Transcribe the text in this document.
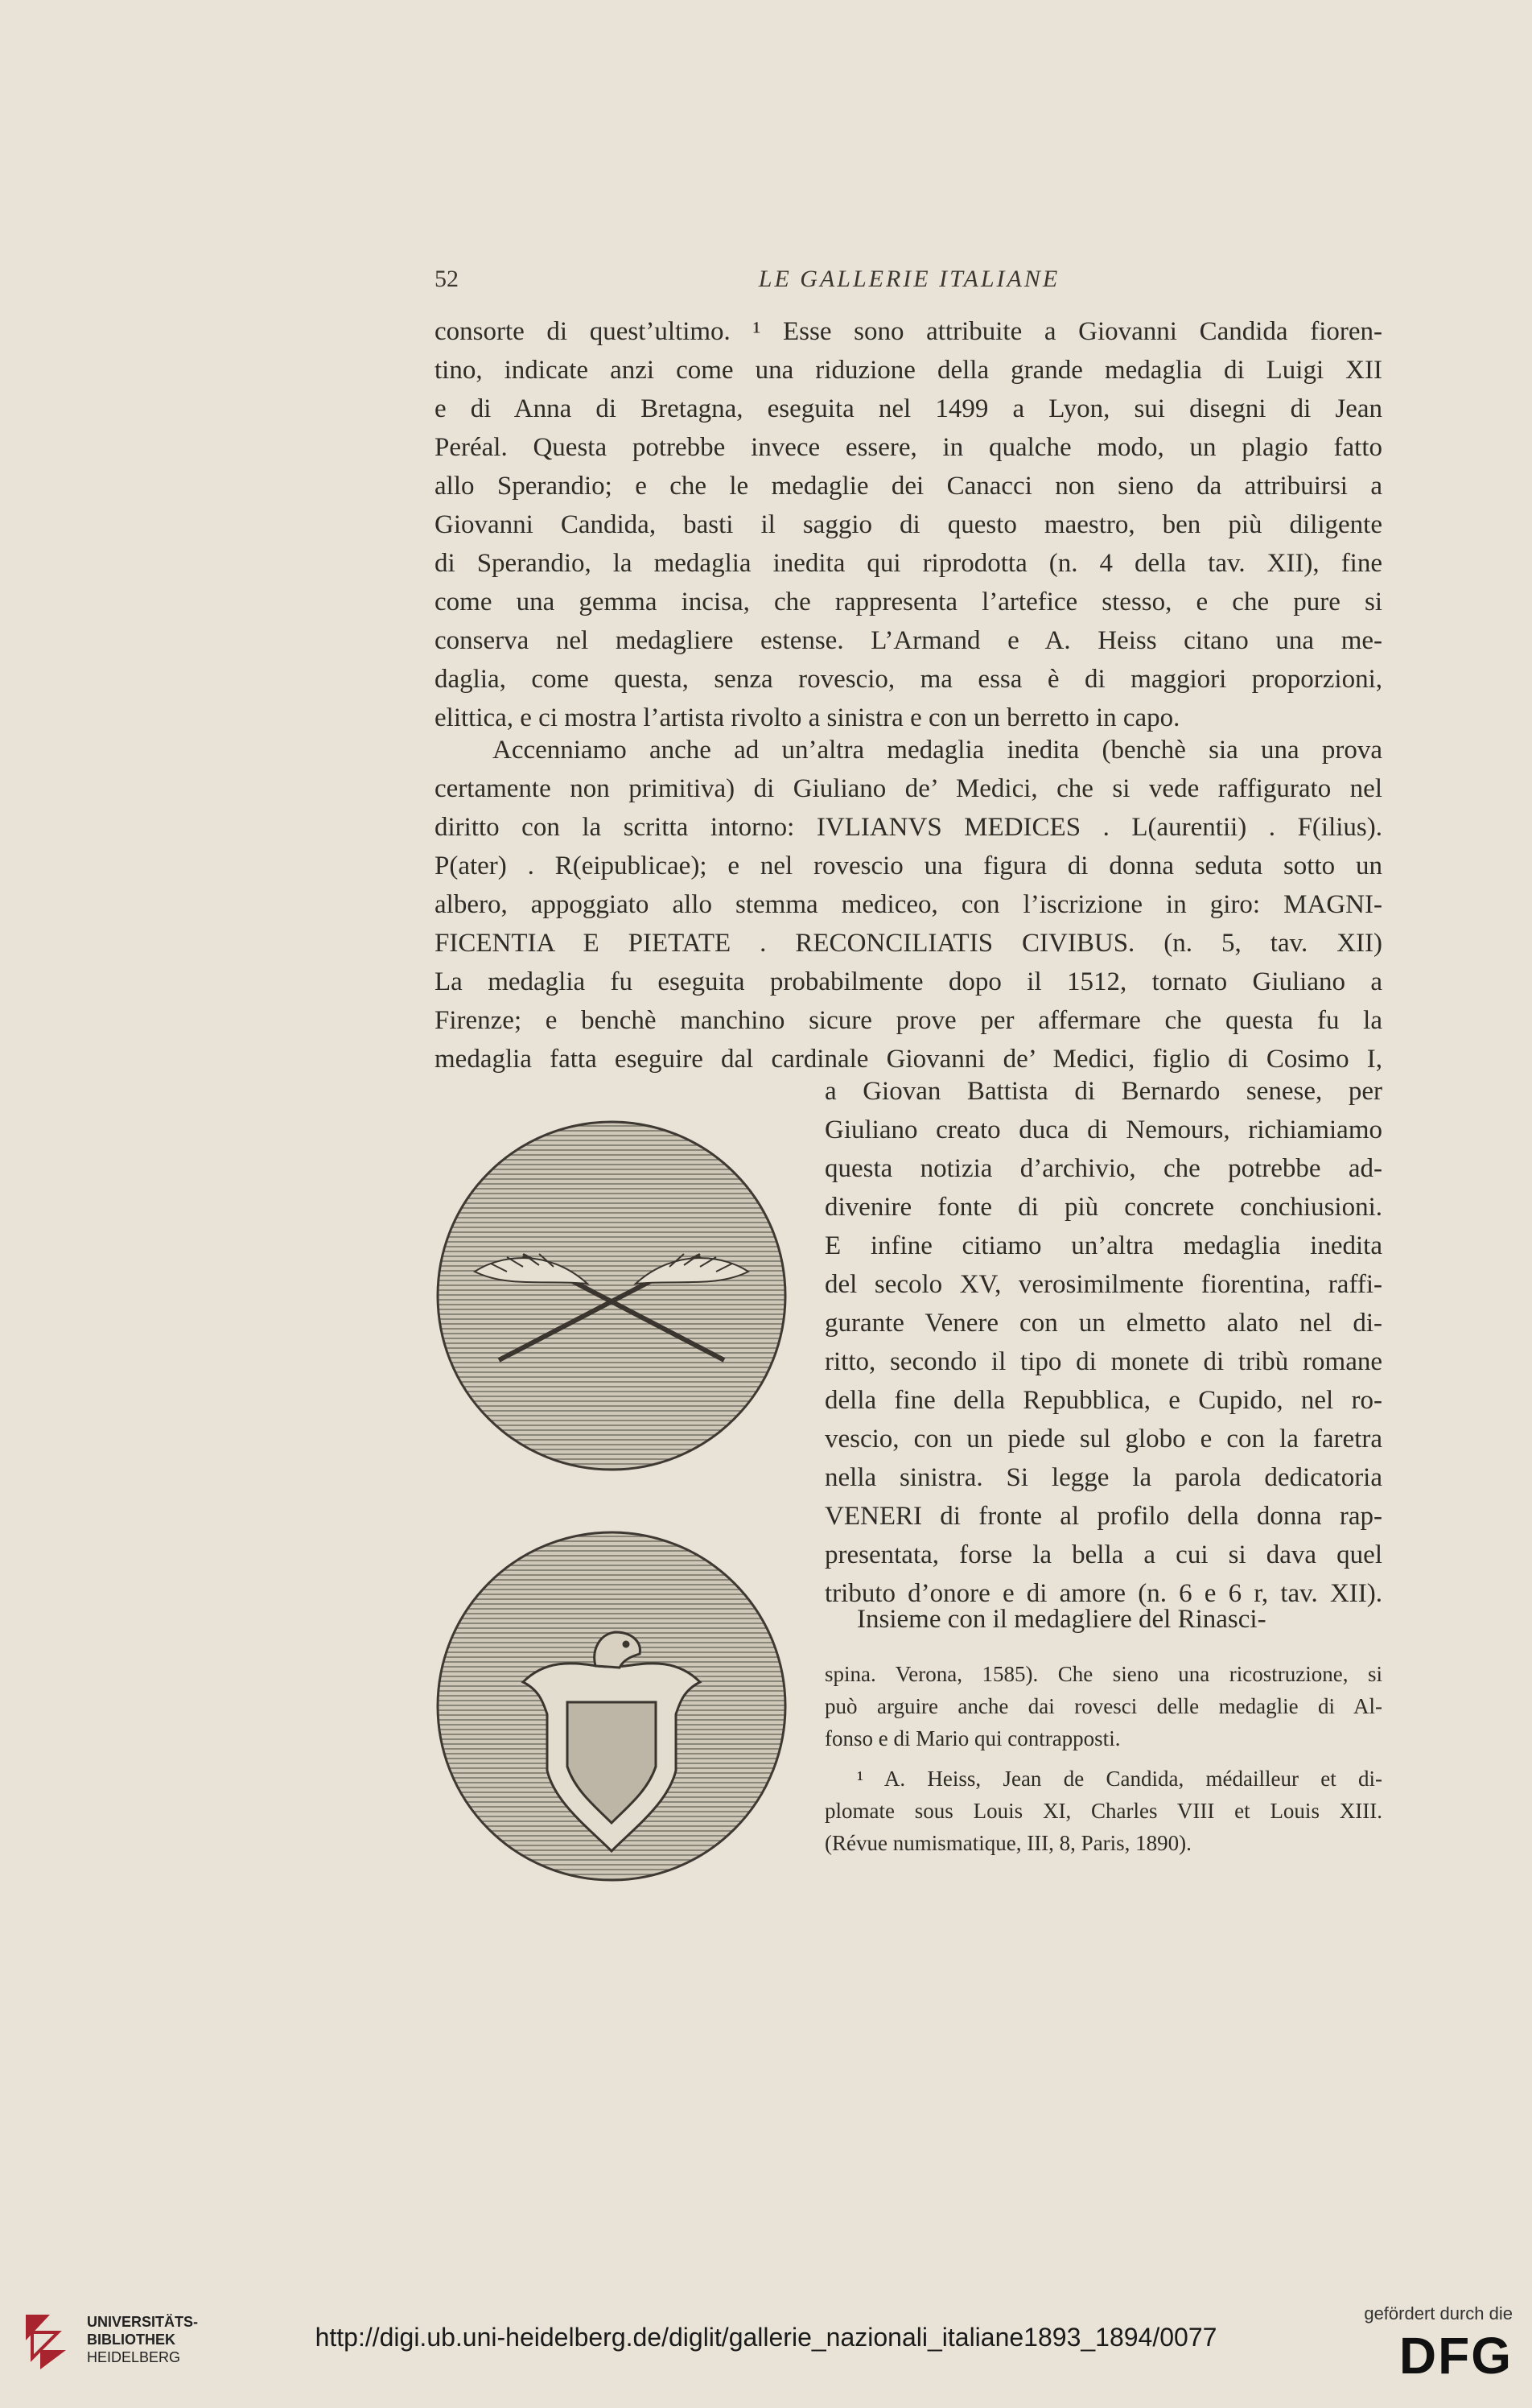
52	LE GALLERIE ITALIANE
consorte di quest’ultimo. ¹ Esse sono attribuite a Giovanni Candida fioren-
tino, indicate anzi come una riduzione della grande medaglia di Luigi XII
e di Anna di Bretagna, eseguita nel 1499 a Lyon, sui disegni di Jean
Peréal. Questa potrebbe invece essere, in qualche modo, un plagio fatto
allo Sperandio; e che le medaglie dei Canacci non sieno da attribuirsi a
Giovanni Candida, basti il saggio di questo maestro, ben più diligente
di Sperandio, la medaglia inedita qui riprodotta (n. 4 della tav. XII), fine
come una gemma incisa, che rappresenta l’artefice stesso, e che pure si
conserva nel medagliere estense. L’Armand e A. Heiss citano una me-
daglia, come questa, senza rovescio, ma essa è di maggiori proporzioni,
elittica, e ci mostra l’artista rivolto a sinistra e con un berretto in capo.
Accenniamo anche ad un’altra medaglia inedita (benchè sia una prova
certamente non primitiva) di Giuliano de’ Medici, che si vede raffigurato nel
diritto con la scritta intorno: IVLIANVS MEDICES . L(aurentii) . F(ilius).
P(ater) . R(eipublicae); e nel rovescio una figura di donna seduta sotto un
albero, appoggiato allo stemma mediceo, con l’iscrizione in giro: MAGNI-
FICENTIA E PIETATE . RECONCILIATIS CIVIBUS. (n. 5, tav. XII)
La medaglia fu eseguita probabilmente dopo il 1512, tornato Giuliano a
Firenze; e benchè manchino sicure prove per affermare che questa fu la
medaglia fatta eseguire dal cardinale Giovanni de’ Medici, figlio di Cosimo I,
a Giovan Battista di Bernardo senese, per
Giuliano creato duca di Nemours, richiamiamo
questa notizia d’archivio, che potrebbe ad-
divenire fonte di più concrete conchiusioni.
E infine citiamo un’altra medaglia inedita
del secolo XV, verosimilmente fiorentina, raffi-
gurante Venere con un elmetto alato nel di-
ritto, secondo il tipo di monete di tribù romane
della fine della Repubblica, e Cupido, nel ro-
vescio, con un piede sul globo e con la faretra
nella sinistra. Si legge la parola dedicatoria
VENERI di fronte al profilo della donna rap-
presentata, forse la bella a cui si dava quel
tributo d’onore e di amore (n. 6 e 6 r, tav. XII).
Insieme con il medagliere del Rinasci-
spina. Verona, 1585). Che sieno una ricostruzione, si
può arguire anche dai rovesci delle medaglie di Al-
fonso e di Mario qui contrapposti.
¹ A. Heiss, Jean de Candida, médailleur et di-
plomate sous Louis XI, Charles VIII et Louis XIII.
(Révue numismatique, III, 8, Paris, 1890).
UNIVERSITÄTS-
BIBLIOTHEK
HEIDELBERG
http://digi.ub.uni-heidelberg.de/diglit/gallerie_nazionali_italiane1893_1894/0077
gefördert durch die
DFG
